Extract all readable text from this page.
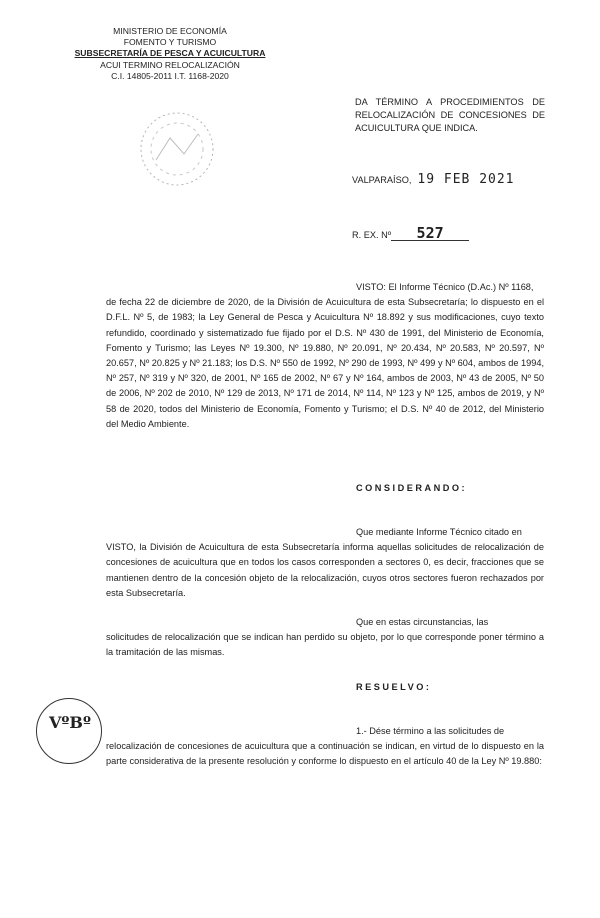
MINISTERIO DE ECONOMÍA
FOMENTO Y TURISMO
SUBSECRETARÍA DE PESCA Y ACUICULTURA
ACUI TERMINO RELOCALIZACIÓN
C.I. 14805-2011 I.T. 1168-2020
DA TÉRMINO A PROCEDIMIENTOS DE RELOCALIZACIÓN DE CONCESIONES DE ACUICULTURA QUE INDICA.
VALPARAÍSO, 19 FEB 2021
R. EX. Nº 527

VISTO: El Informe Técnico (D.Ac.) Nº 1168,

de fecha 22 de diciembre de 2020, de la División de Acuicultura de esta Subsecretaría; lo dispuesto en el D.F.L. Nº 5, de 1983; la Ley General de Pesca y Acuicultura Nº 18.892 y sus modificaciones, cuyo texto refundido, coordinado y sistematizado fue fijado por el D.S. Nº 430 de 1991, del Ministerio de Economía, Fomento y Turismo; las Leyes Nº 19.300, Nº 19.880, Nº 20.091, Nº 20.434, Nº 20.583, Nº 20.597, Nº 20.657, Nº 20.825 y Nº 21.183; los D.S. Nº 550 de 1992, Nº 290 de 1993, Nº 499 y Nº 604, ambos de 1994, Nº 257, Nº 319 y Nº 320, de 2001, Nº 165 de 2002, Nº 67 y Nº 164, ambos de 2003, Nº 43 de 2005, Nº 50 de 2006, Nº 202 de 2010, Nº 129 de 2013, Nº 171 de 2014, Nº 114, Nº 123 y Nº 125, ambos de 2019, y Nº 58 de 2020, todos del Ministerio de Economía, Fomento y Turismo; el D.S. Nº 40 de 2012, del Ministerio del Medio Ambiente.

CONSIDERANDO:

Que mediante Informe Técnico citado en

VISTO, la División de Acuicultura de esta Subsecretaría informa aquellas solicitudes de relocalización de concesiones de acuicultura que en todos los casos corresponden a sectores 0, es decir, fracciones que se mantienen dentro de la concesión objeto de la relocalización, cuyos otros sectores fueron rechazados por esta Subsecretaría.

Que en estas circunstancias, las

solicitudes de relocalización que se indican han perdido su objeto, por lo que corresponde poner término a la tramitación de las mismas.

RESUELVO:
VºBº	1.- Dése término a las solicitudes de

relocalización de concesiones de acuicultura que a continuación se indican, en virtud de lo dispuesto en la parte considerativa de la presente resolución y conforme lo dispuesto en el artículo 40 de la Ley Nº 19.880:
